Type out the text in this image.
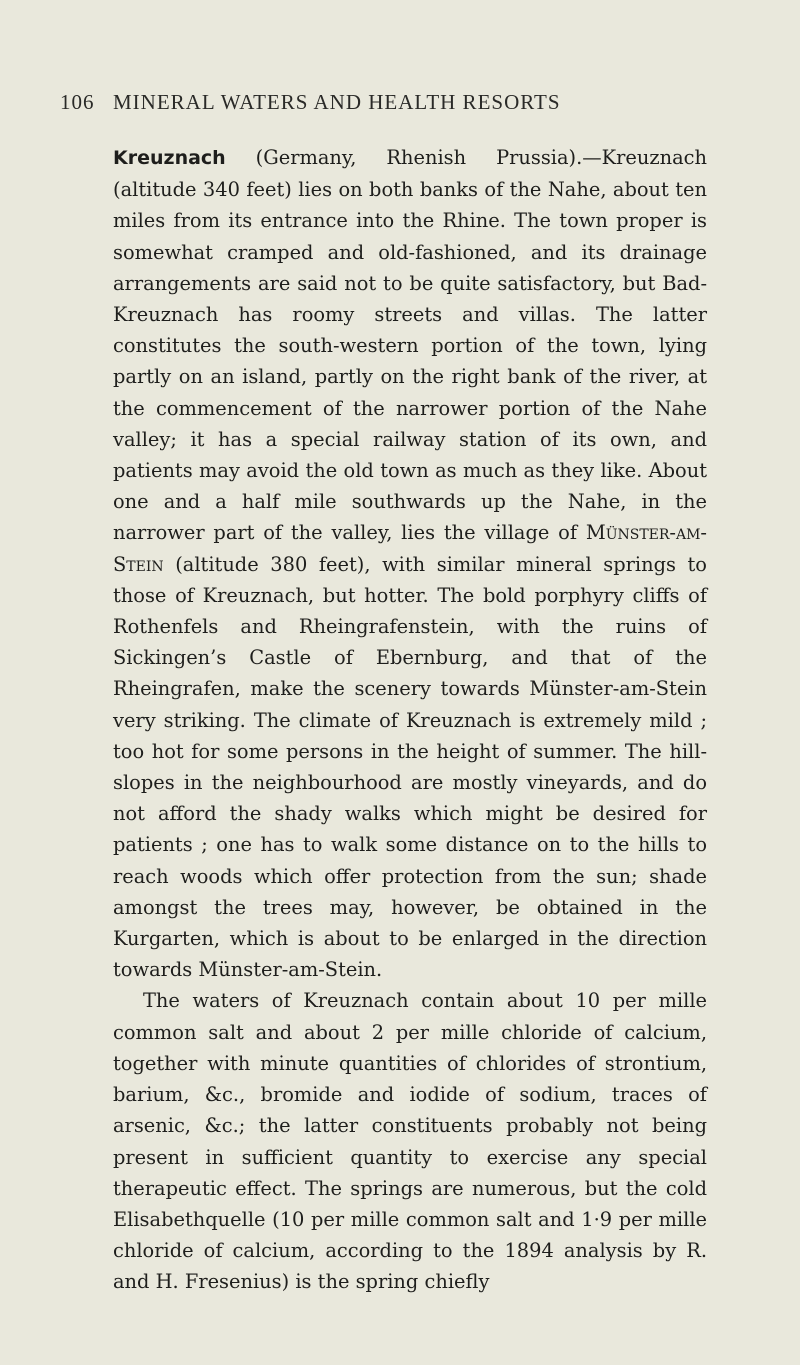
106 MINERAL WATERS AND HEALTH RESORTS

Kreuznach (Germany, Rhenish Prussia).—Kreuznach (altitude 340 feet) lies on both banks of the Nahe, about ten miles from its entrance into the Rhine. The town proper is somewhat cramped and old-fashioned, and its drainage arrangements are said not to be quite satisfactory, but Bad-Kreuznach has roomy streets and villas. The latter constitutes the south-western portion of the town, lying partly on an island, partly on the right bank of the river, at the commencement of the narrower portion of the Nahe valley; it has a special railway station of its own, and patients may avoid the old town as much as they like. About one and a half mile southwards up the Nahe, in the narrower part of the valley, lies the village of Münster-am-Stein (altitude 380 feet), with similar mineral springs to those of Kreuznach, but hotter. The bold porphyry cliffs of Rothenfels and Rheingrafenstein, with the ruins of Sickingen’s Castle of Ebernburg, and that of the Rheingrafen, make the scenery towards Münster-am-Stein very striking. The climate of Kreuznach is extremely mild ; too hot for some persons in the height of summer. The hill-slopes in the neighbourhood are mostly vineyards, and do not afford the shady walks which might be desired for patients ; one has to walk some distance on to the hills to reach woods which offer protection from the sun; shade amongst the trees may, however, be obtained in the Kurgarten, which is about to be enlarged in the direction towards Münster-am-Stein.

The waters of Kreuznach contain about 10 per mille common salt and about 2 per mille chloride of calcium, together with minute quantities of chlorides of strontium, barium, &c., bromide and iodide of sodium, traces of arsenic, &c.; the latter constituents probably not being present in sufficient quantity to exercise any special therapeutic effect. The springs are numerous, but the cold Elisabethquelle (10 per mille common salt and 1·9 per mille chloride of calcium, according to the 1894 analysis by R. and H. Fresenius) is the spring chiefly
